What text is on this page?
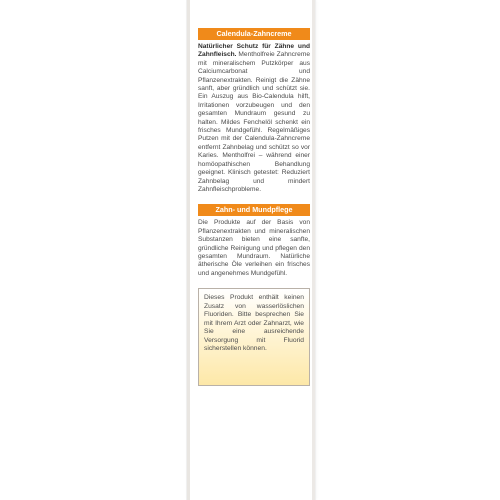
Calendula-Zahncreme
Natürlicher Schutz für Zähne und Zahnfleisch. Mentholfreie Zahncreme mit mineralischem Putzkörper aus Calciumcarbonat und Pflanzenextrakten. Reinigt die Zähne sanft, aber gründlich und schützt sie. Ein Auszug aus Bio-Calendula hilft, Irritationen vorzubeugen und den gesamten Mundraum gesund zu halten. Mildes Fenchelöl schenkt ein frisches Mundgefühl. Regelmäßiges Putzen mit der Calendula-Zahncreme entfernt Zahnbelag und schützt so vor Karies. Mentholfrei – während einer homöopathischen Behandlung geeignet. Klinisch getestet: Reduziert Zahnbelag und mindert Zahnfleischprobleme.
Zahn- und Mundpflege
Die Produkte auf der Basis von Pflanzenextrakten und mineralischen Substanzen bieten eine sanfte, gründliche Reinigung und pflegen den gesamten Mundraum. Natürliche ätherische Öle verleihen ein frisches und angenehmes Mundgefühl.
Dieses Produkt enthält keinen Zusatz von wasserlöslichen Fluoriden. Bitte besprechen Sie mit Ihrem Arzt oder Zahnarzt, wie Sie eine ausreichende Versorgung mit Fluorid sicherstellen können.
